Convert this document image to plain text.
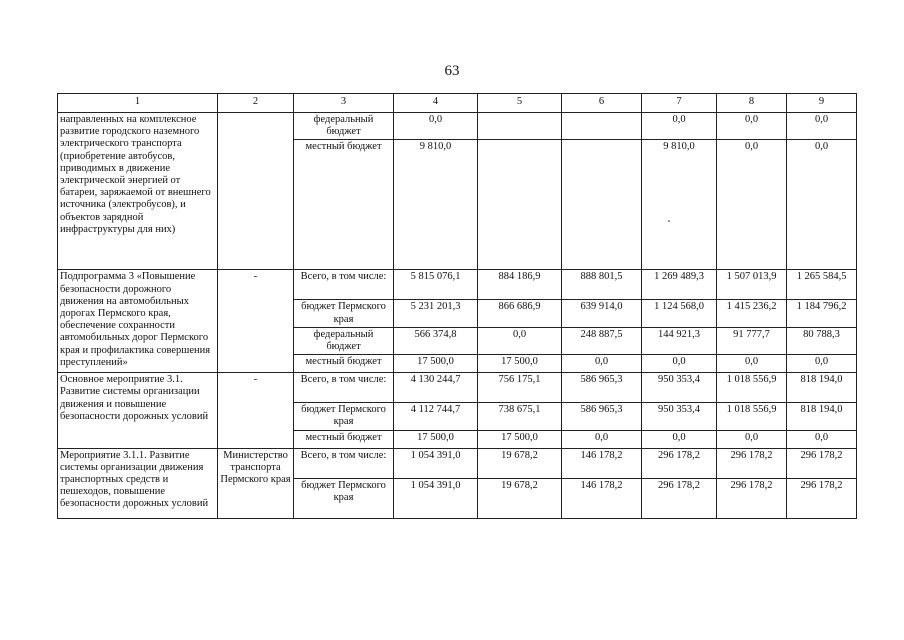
63
1	2	3	4	5	6	7	8	9
направленных на комплексное развитие городского наземного электрического транспорта (приобретение автобусов, приводимых в движение электрической энергией от батареи, заряжаемой от внешнего источника (электробусов), и объектов зарядной инфраструктуры для них)		федеральный бюджет	0,0			0,0	0,0	0,0
		местный бюджет	9 810,0			9 810,0	0,0	0,0
Подпрограмма 3 «Повышение безопасности дорожного движения на автомобильных дорогах Пермского края, обеспечение сохранности автомобильных дорог Пермского края и профилактика совершения преступлений»	-	Всего, в том числе:	5 815 076,1	884 186,9	888 801,5	1 269 489,3	1 507 013,9	1 265 584,5
		бюджет Пермского края	5 231 201,3	866 686,9	639 914,0	1 124 568,0	1 415 236,2	1 184 796,2
		федеральный бюджет	566 374,8	0,0	248 887,5	144 921,3	91 777,7	80 788,3
		местный бюджет	17 500,0	17 500,0	0,0	0,0	0,0	0,0
Основное мероприятие 3.1. Развитие системы организации движения и повышение безопасности дорожных условий	-	Всего, в том числе:	4 130 244,7	756 175,1	586 965,3	950 353,4	1 018 556,9	818 194,0
		бюджет Пермского края	4 112 744,7	738 675,1	586 965,3	950 353,4	1 018 556,9	818 194,0
		местный бюджет	17 500,0	17 500,0	0,0	0,0	0,0	0,0
Мероприятие 3.1.1. Развитие системы организации движения транспортных средств и пешеходов, повышение безопасности дорожных условий	Министерство транспорта Пермского края	Всего, в том числе:	1 054 391,0	19 678,2	146 178,2	296 178,2	296 178,2	296 178,2
		бюджет Пермского края	1 054 391,0	19 678,2	146 178,2	296 178,2	296 178,2	296 178,2
